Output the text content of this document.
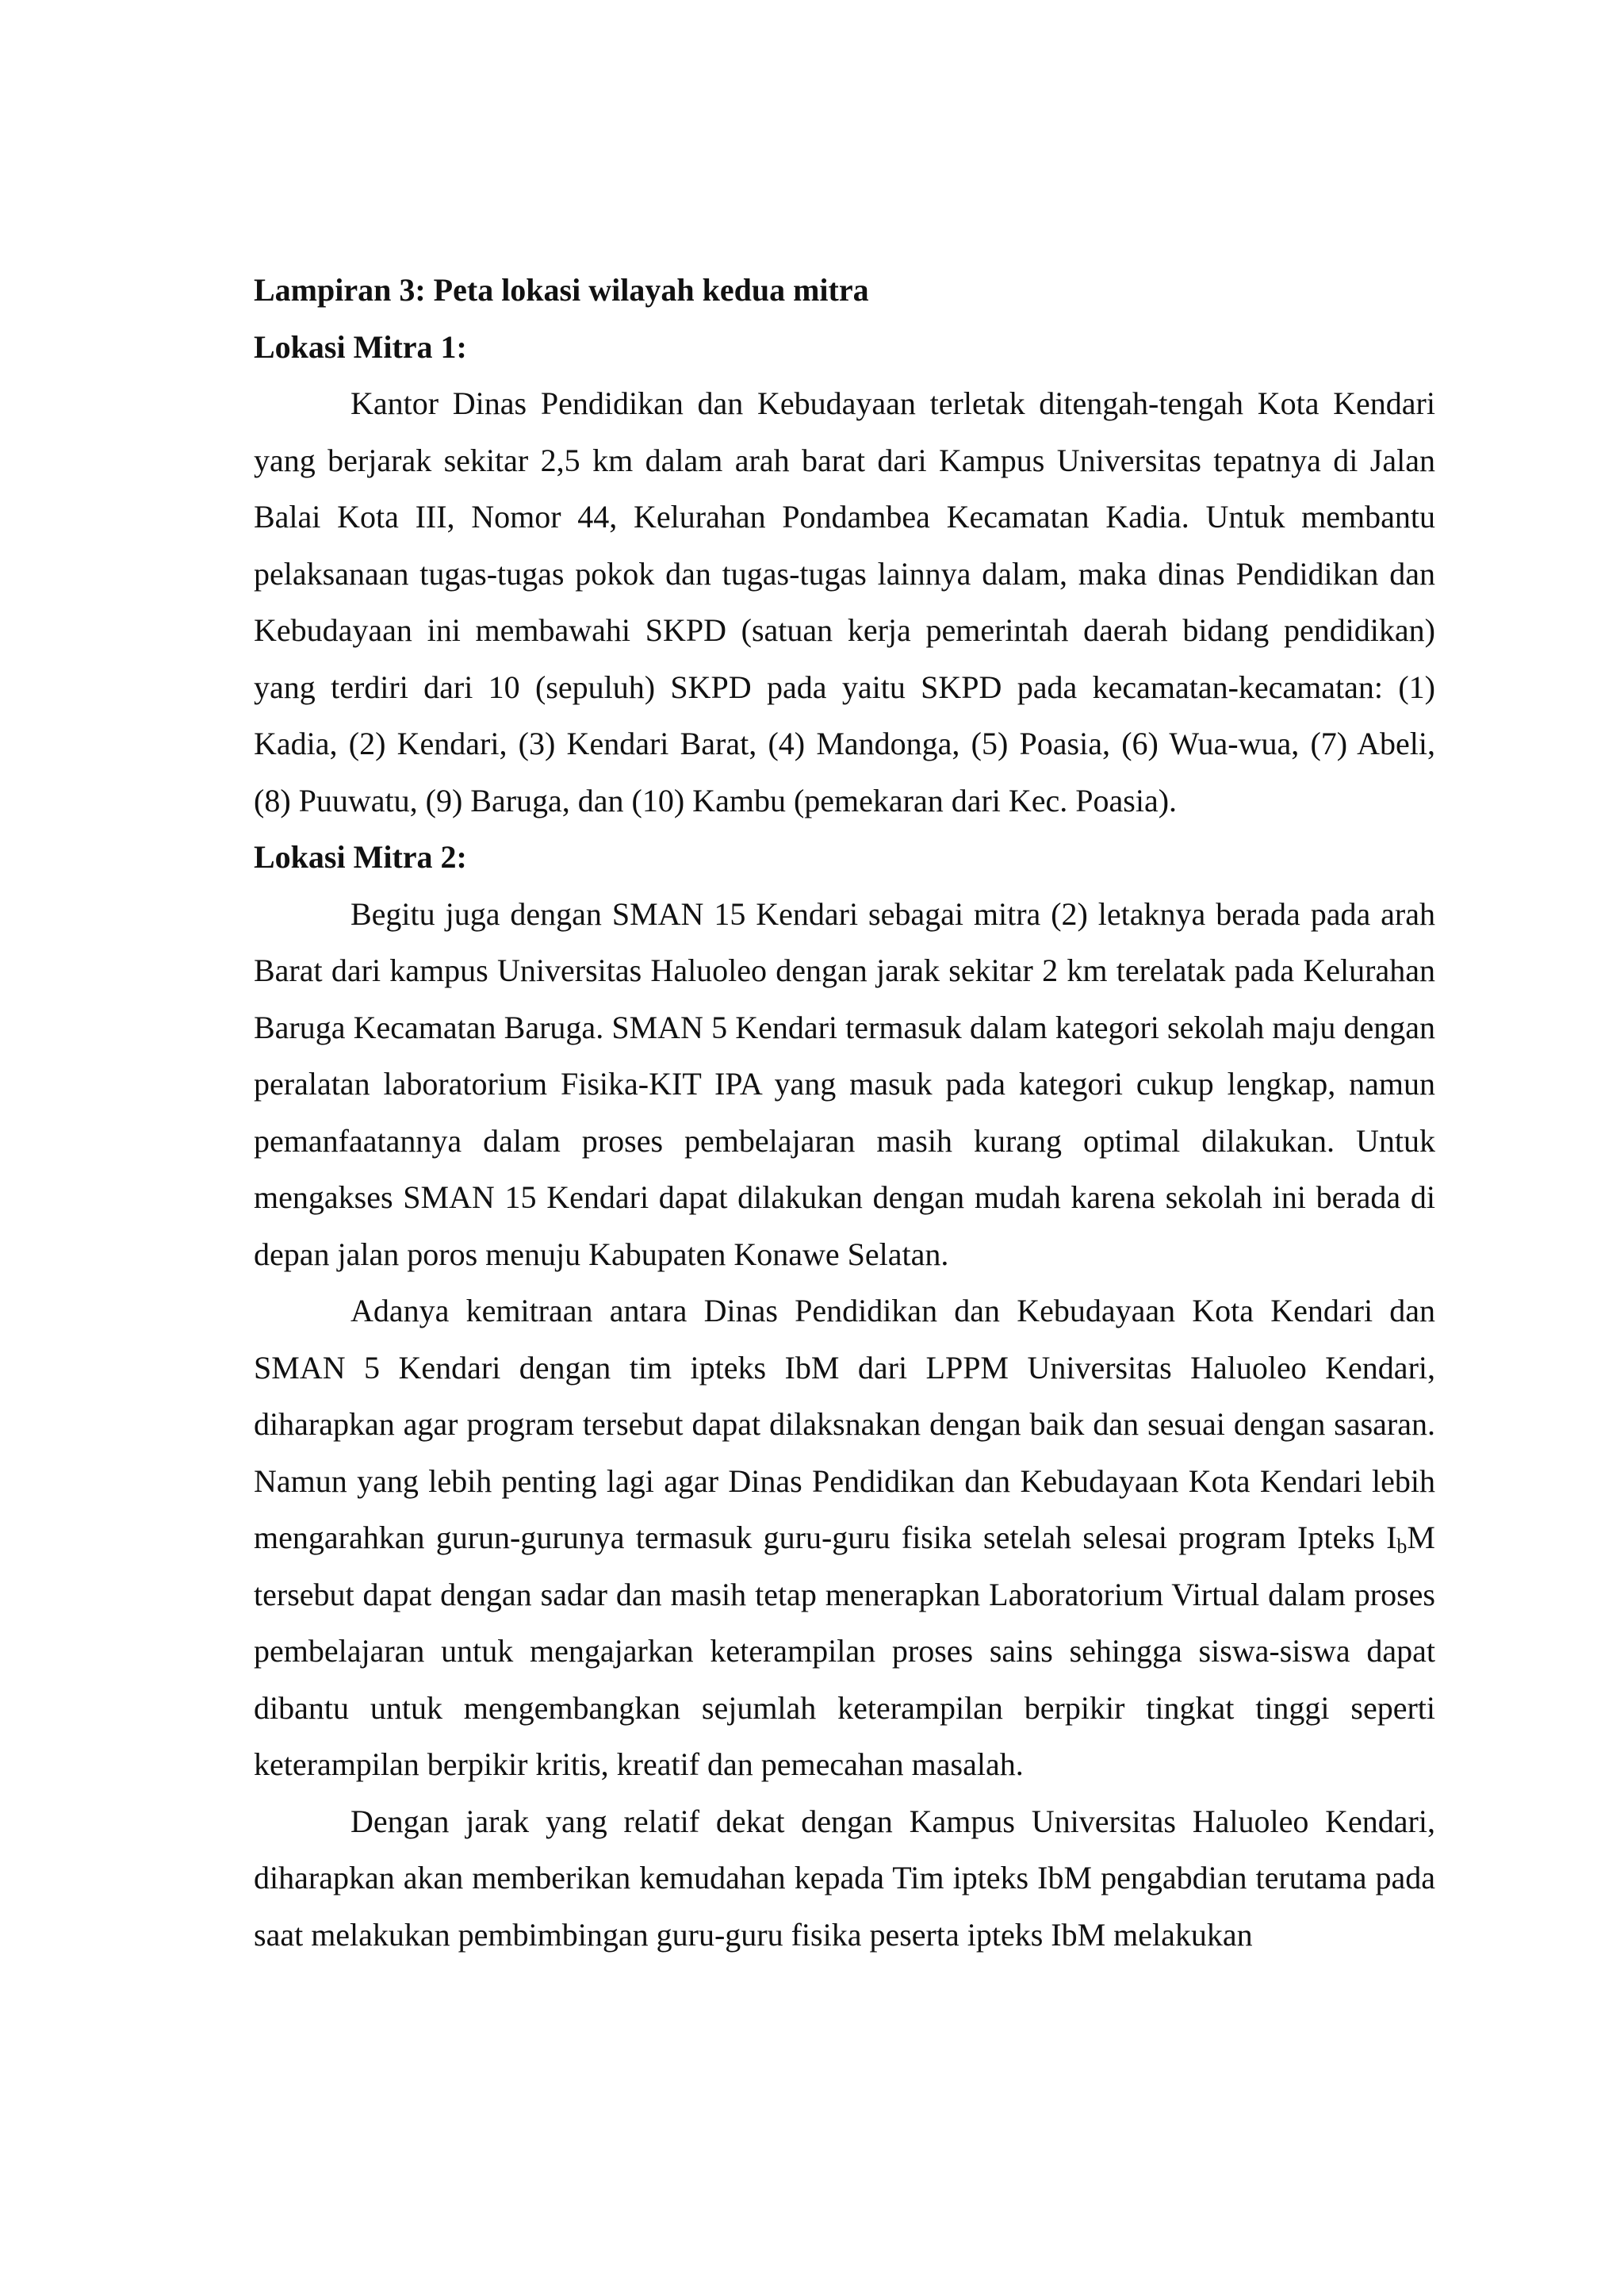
Lampiran 3: Peta lokasi wilayah kedua mitra

Lokasi Mitra 1:

Kantor Dinas Pendidikan dan Kebudayaan terletak ditengah-tengah Kota Kendari yang berjarak sekitar 2,5 km dalam arah barat dari Kampus Universitas tepatnya di Jalan Balai Kota III, Nomor 44, Kelurahan Pondambea Kecamatan Kadia. Untuk membantu pelaksanaan tugas-tugas pokok dan tugas-tugas lainnya dalam, maka dinas Pendidikan dan Kebudayaan ini membawahi SKPD (satuan kerja pemerintah daerah bidang pendidikan) yang terdiri dari 10 (sepuluh) SKPD pada yaitu SKPD pada kecamatan-kecamatan: (1) Kadia, (2) Kendari, (3) Kendari Barat, (4) Mandonga, (5) Poasia, (6) Wua-wua, (7) Abeli, (8) Puuwatu, (9) Baruga, dan (10) Kambu (pemekaran dari Kec. Poasia).

Lokasi Mitra 2:

Begitu juga dengan SMAN 15 Kendari sebagai mitra (2) letaknya berada pada arah Barat dari kampus Universitas Haluoleo dengan jarak sekitar 2 km terelatak pada Kelurahan Baruga Kecamatan Baruga. SMAN 5 Kendari termasuk dalam kategori sekolah maju dengan peralatan laboratorium Fisika-KIT IPA yang masuk pada kategori cukup lengkap, namun pemanfaatannya dalam proses pembelajaran masih kurang optimal dilakukan. Untuk mengakses SMAN 15 Kendari dapat dilakukan dengan mudah karena sekolah ini berada di depan jalan poros menuju Kabupaten Konawe Selatan.

Adanya kemitraan antara Dinas Pendidikan dan Kebudayaan Kota Kendari dan SMAN 5 Kendari dengan tim ipteks IbM dari LPPM Universitas Haluoleo Kendari, diharapkan agar program tersebut dapat dilaksnakan dengan baik dan sesuai dengan sasaran. Namun yang lebih penting lagi agar Dinas Pendidikan dan Kebudayaan Kota Kendari lebih mengarahkan gurun-gurunya termasuk guru-guru fisika setelah selesai program Ipteks $I_bM$ tersebut dapat dengan sadar dan masih tetap menerapkan Laboratorium Virtual dalam proses pembelajaran untuk mengajarkan keterampilan proses sains sehingga siswa-siswa dapat dibantu untuk mengembangkan sejumlah keterampilan berpikir tingkat tinggi seperti keterampilan berpikir kritis, kreatif dan pemecahan masalah.

Dengan jarak yang relatif dekat dengan Kampus Universitas Haluoleo Kendari, diharapkan akan memberikan kemudahan kepada Tim ipteks IbM pengabdian terutama pada saat melakukan pembimbingan guru-guru fisika peserta ipteks IbM melakukan
